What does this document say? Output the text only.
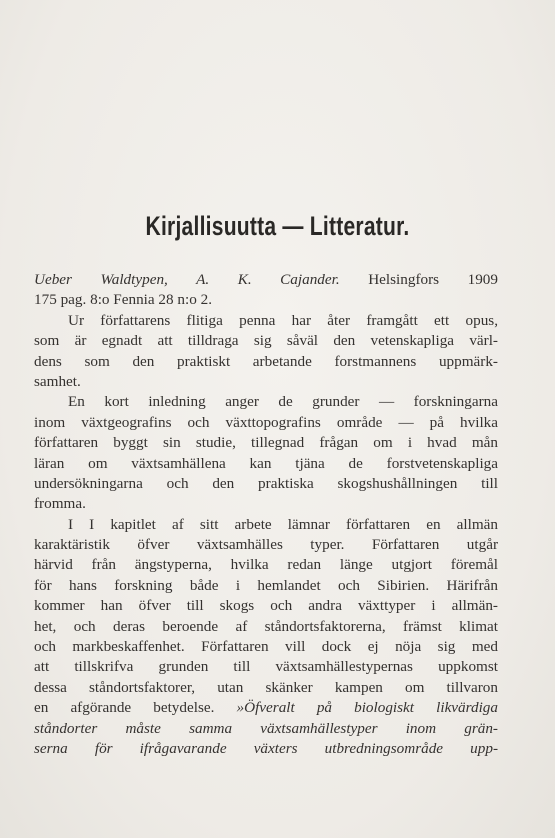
Kirjallisuutta — Litteratur.
Ueber Waldtypen, A. K. Cajander. Helsingfors 1909
175 pag. 8:o Fennia 28 n:o 2.
Ur författarens flitiga penna har åter framgått ett opus,
som är egnadt att tilldraga sig såväl den vetenskapliga värl-
dens som den praktiskt arbetande forstmannens uppmärk-
samhet.
En kort inledning anger de grunder — forskningarna
inom växtgeografins och växttopografins område — på hvilka
författaren byggt sin studie, tillegnad frågan om i hvad mån
läran om växtsamhällena kan tjäna de forstvetenskapliga
undersökningarna och den praktiska skogshushållningen till
fromma.
I I kapitlet af sitt arbete lämnar författaren en allmän
karaktäristik öfver växtsamhälles typer. Författaren utgår
härvid från ängstyperna, hvilka redan länge utgjort föremål
för hans forskning både i hemlandet och Sibirien. Härifrån
kommer han öfver till skogs och andra växttyper i allmän-
het, och deras beroende af ståndortsfaktorerna, främst klimat
och markbeskaffenhet. Författaren vill dock ej nöja sig med
att tillskrifva grunden till växtsamhällestypernas uppkomst
dessa ståndortsfaktorer, utan skänker kampen om tillvaron
en afgörande betydelse. »Öfveralt på biologiskt likvärdiga
ståndorter måste samma växtsamhällestyper inom grän-
serna för ifrågavarande växters utbredningsområde upp-
